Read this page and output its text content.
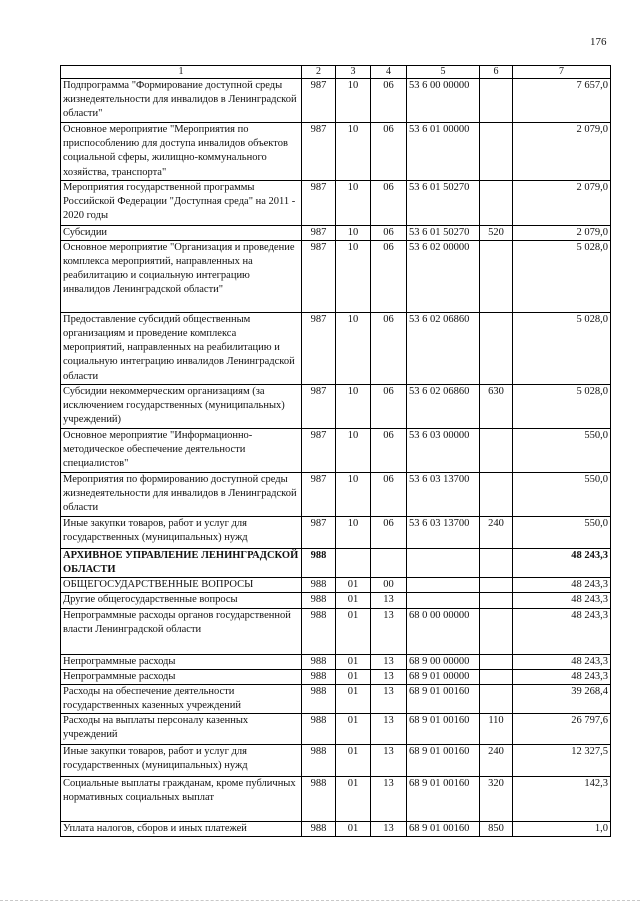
176
1	2	3	4	5	6	7
Подпрограмма "Формирование доступной среды жизнедеятельности для инвалидов в Ленинградской области"	987	10	06	53 6 00 00000		7 657,0
Основное мероприятие "Мероприятия по приспособлению для доступа инвалидов объектов социальной сферы, жилищно-коммунального хозяйства, транспорта"	987	10	06	53 6 01 00000		2 079,0
Мероприятия государственной программы Российской Федерации "Доступная среда" на 2011 - 2020 годы	987	10	06	53 6 01 50270		2 079,0
Субсидии	987	10	06	53 6 01 50270	520	2 079,0
Основное мероприятие "Организация и проведение комплекса мероприятий, направленных на реабилитацию и социальную интеграцию инвалидов Ленинградской области"	987	10	06	53 6 02 00000		5 028,0
Предоставление субсидий общественным организациям и проведение комплекса мероприятий, направленных на реабилитацию и социальную интеграцию инвалидов Ленинградской области	987	10	06	53 6 02 06860		5 028,0
Субсидии некоммерческим организациям (за исключением государственных (муниципальных) учреждений)	987	10	06	53 6 02 06860	630	5 028,0
Основное мероприятие "Информационно-методическое обеспечение деятельности специалистов"	987	10	06	53 6 03 00000		550,0
Мероприятия по формированию доступной среды жизнедеятельности для инвалидов в Ленинградской области	987	10	06	53 6 03 13700		550,0
Иные закупки товаров, работ и услуг для государственных (муниципальных) нужд	987	10	06	53 6 03 13700	240	550,0
АРХИВНОЕ УПРАВЛЕНИЕ ЛЕНИНГРАДСКОЙ ОБЛАСТИ	988					48 243,3
ОБЩЕГОСУДАРСТВЕННЫЕ ВОПРОСЫ	988	01	00			48 243,3
Другие общегосударственные вопросы	988	01	13			48 243,3
Непрограммные расходы органов государственной власти Ленинградской области	988	01	13	68 0 00 00000		48 243,3
Непрограммные расходы	988	01	13	68 9 00 00000		48 243,3
Непрограммные расходы	988	01	13	68 9 01 00000		48 243,3
Расходы на обеспечение деятельности государственных казенных учреждений	988	01	13	68 9 01 00160		39 268,4
Расходы на выплаты персоналу казенных учреждений	988	01	13	68 9 01 00160	110	26 797,6
Иные закупки товаров, работ и услуг для государственных (муниципальных) нужд	988	01	13	68 9 01 00160	240	12 327,5
Социальные выплаты гражданам, кроме публичных нормативных социальных выплат	988	01	13	68 9 01 00160	320	142,3
Уплата налогов, сборов и иных платежей	988	01	13	68 9 01 00160	850	1,0
